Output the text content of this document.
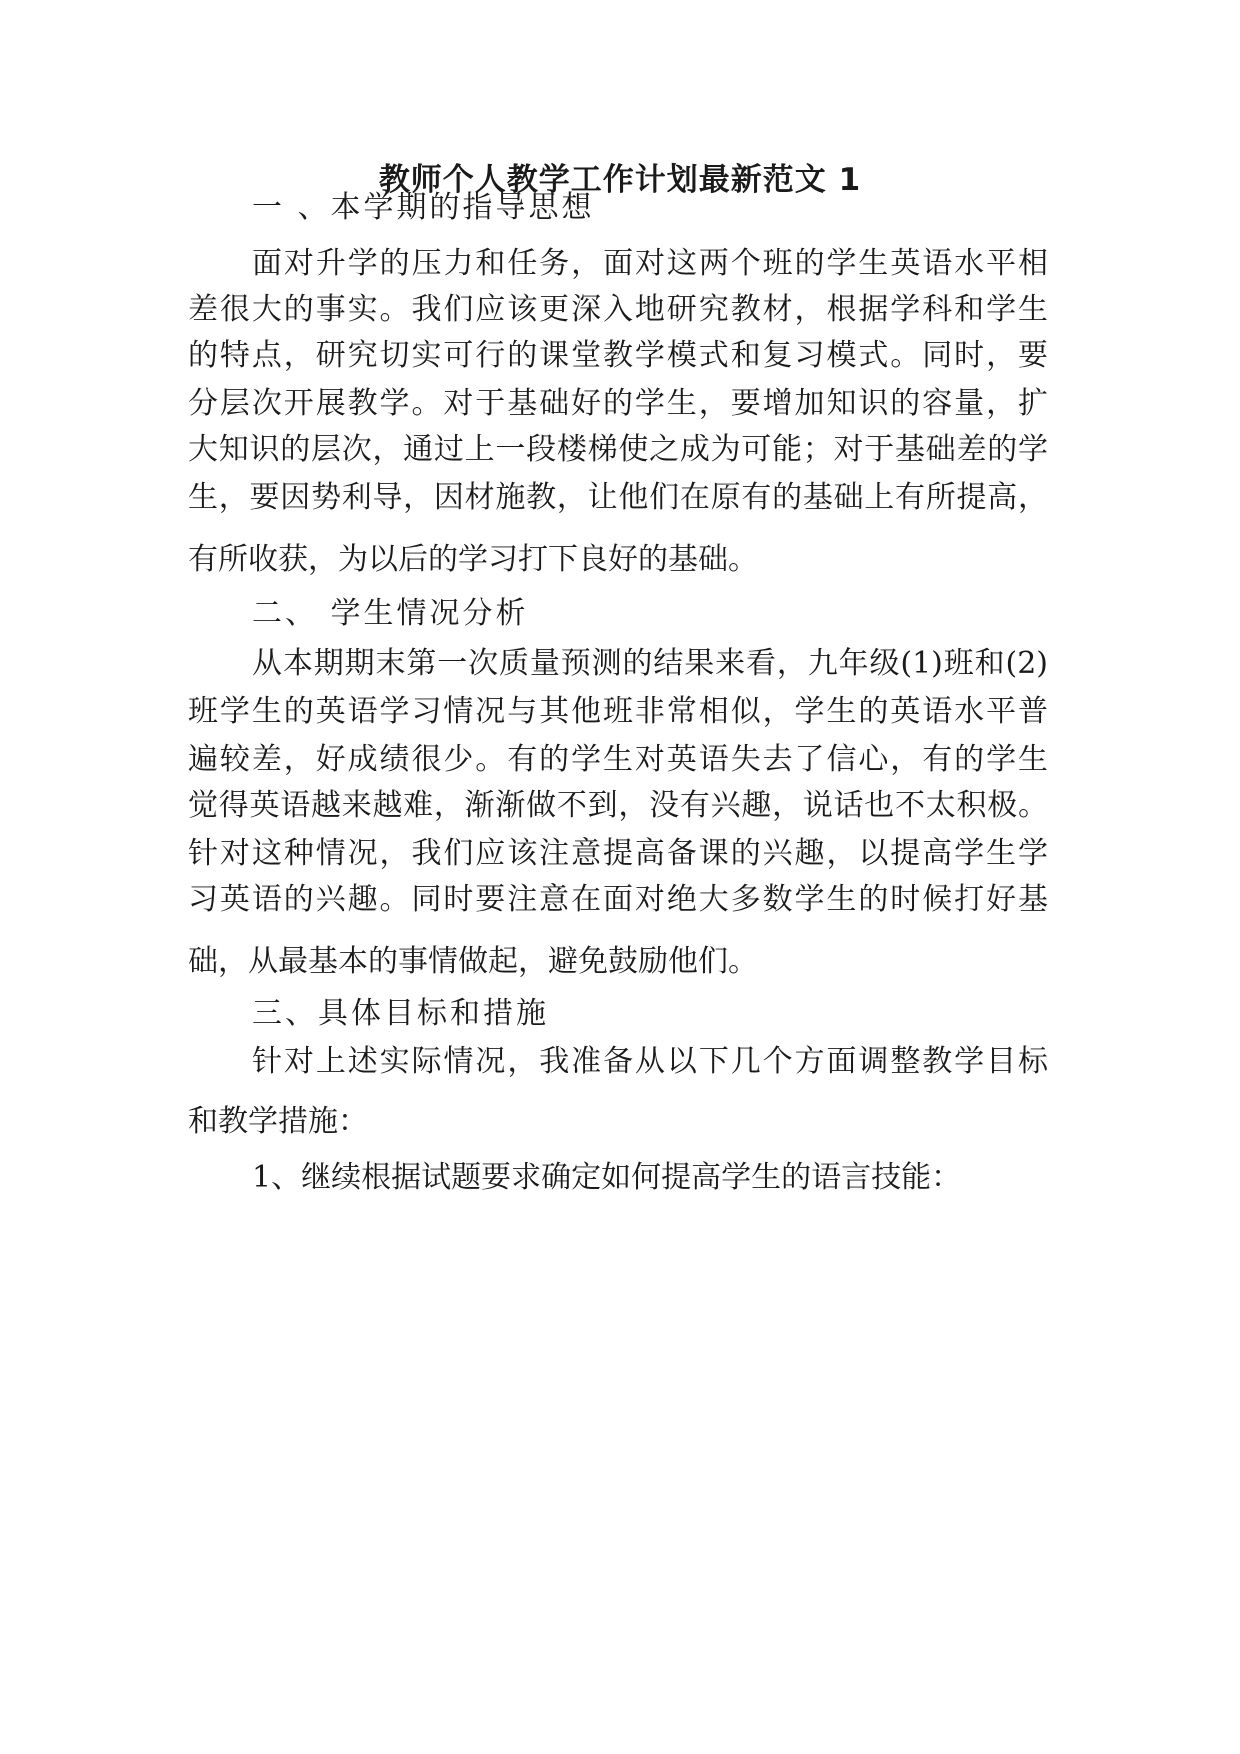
教师个人教学工作计划最新范文 1
一 、本学期的指导思想
面对升学的压力和任务，面对这两个班的学生英语水平相
差很大的事实。我们应该更深入地研究教材，根据学科和学生
的特点，研究切实可行的课堂教学模式和复习模式。同时，要
分层次开展教学。对于基础好的学生，要增加知识的容量，扩
大知识的层次，通过上一段楼梯使之成为可能；对于基础差的学
生，要因势利导，因材施教，让他们在原有的基础上有所提高，
有所收获，为以后的学习打下良好的基础。
二、 学生情况分析
从本期期末第一次质量预测的结果来看，九年级(1)班和(2)
班学生的英语学习情况与其他班非常相似，学生的英语水平普
遍较差，好成绩很少。有的学生对英语失去了信心，有的学生
觉得英语越来越难，渐渐做不到，没有兴趣，说话也不太积极。
针对这种情况，我们应该注意提高备课的兴趣，以提高学生学
习英语的兴趣。同时要注意在面对绝大多数学生的时候打好基
础，从最基本的事情做起，避免鼓励他们。
三、具体目标和措施
针对上述实际情况，我准备从以下几个方面调整教学目标
和教学措施：
1、继续根据试题要求确定如何提高学生的语言技能：
